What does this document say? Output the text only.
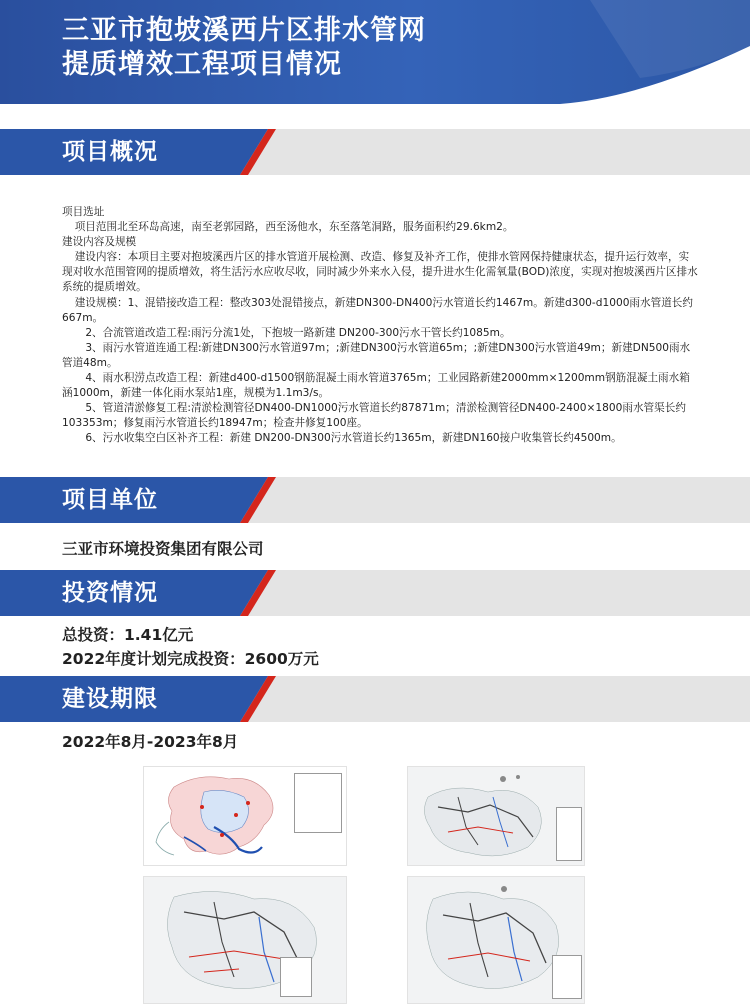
三亚市抱坡溪西片区排水管网
提质增效工程项目情况
项目概况

项目选址

项目范围北至环岛高速，南至老郭园路，西至汤他水，东至落笔洞路，服务面积约29.6km2。

建设内容及规模

建设内容：本项目主要对抱坡溪西片区的排水管道开展检测、改造、修复及补齐工作，使排水管网保持健康状态，提升运行效率，实现对收水范围管网的提质增效，将生活污水应收尽收，同时减少外来水入侵，提升进水生化需氧量(BOD)浓度，实现对抱坡溪西片区排水系统的提质增效。

建设规模：1、混错接改造工程：整改303处混错接点，新建DN300-DN400污水管道长约1467m。新建d300-d1000雨水管道长约667m。

2、合流管道改造工程:雨污分流1处，下抱坡一路新建 DN200-300污水干管长约1085m。

3、雨污水管道连通工程:新建DN300污水管道97m；;新建DN300污水管道65m；;新建DN300污水管道49m；新建DN500雨水管道48m。

4、雨水积涝点改造工程：新建d400-d1500钢筋混凝土雨水管道3765m；工业园路新建2000mm×1200mm钢筋混凝土雨水箱涵1000m，新建一体化雨水泵站1座，规模为1.1m3/s。

5、管道清淤修复工程:清淤检测管径DN400-DN1000污水管道长约87871m；清淤检测管径DN400-2400×1800雨水管渠长约103353m；修复雨污水管道长约18947m；检查井修复100座。

6、污水收集空白区补齐工程：新建 DN200-DN300污水管道长约1365m，新建DN160接户收集管长约4500m。

项目单位
三亚市环境投资集团有限公司
投资情况
总投资：1.41亿元
2022年度计划完成投资：2600万元
建设期限
2022年8月-2023年8月
